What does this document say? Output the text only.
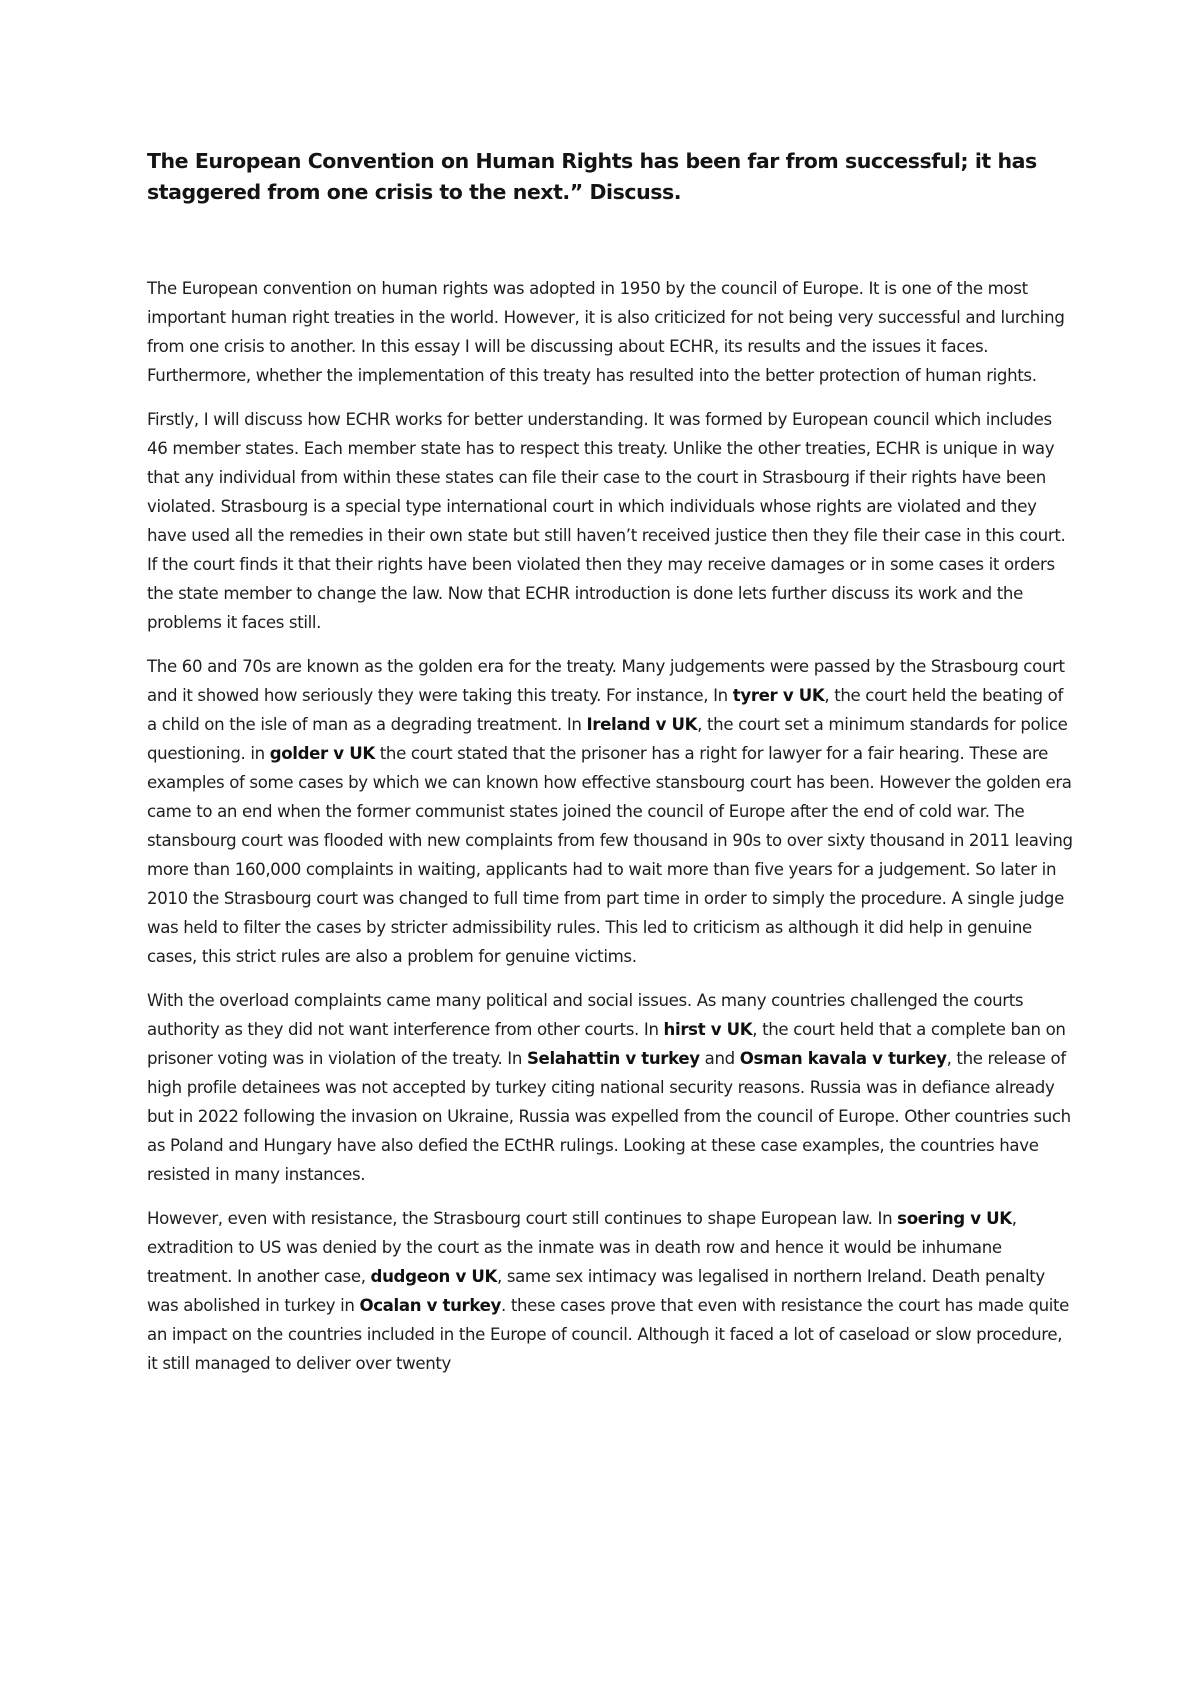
The European Convention on Human Rights has been far from successful; it has staggered from one crisis to the next.” Discuss.

The European convention on human rights was adopted in 1950 by the council of Europe. It is one of the most important human right treaties in the world. However, it is also criticized for not being very successful and lurching from one crisis to another. In this essay I will be discussing about ECHR, its results and the issues it faces. Furthermore, whether the implementation of this treaty has resulted into the better protection of human rights.

Firstly, I will discuss how ECHR works for better understanding. It was formed by European council which includes 46 member states. Each member state has to respect this treaty. Unlike the other treaties, ECHR is unique in way that any individual from within these states can file their case to the court in Strasbourg if their rights have been violated. Strasbourg is a special type international court in which individuals whose rights are violated and they have used all the remedies in their own state but still haven’t received justice then they file their case in this court. If the court finds it that their rights have been violated then they may receive damages or in some cases it orders the state member to change the law. Now that ECHR introduction is done lets further discuss its work and the problems it faces still.

The 60 and 70s are known as the golden era for the treaty. Many judgements were passed by the Strasbourg court and it showed how seriously they were taking this treaty. For instance, In tyrer v UK, the court held the beating of a child on the isle of man as a degrading treatment. In Ireland v UK, the court set a minimum standards for police questioning. in golder v UK the court stated that the prisoner has a right for lawyer for a fair hearing. These are examples of some cases by which we can known how effective stansbourg court has been. However the golden era came to an end when the former communist states joined the council of Europe after the end of cold war. The stansbourg court was flooded with new complaints from few thousand in 90s to over sixty thousand in 2011 leaving more than 160,000 complaints in waiting, applicants had to wait more than five years for a judgement. So later in 2010 the Strasbourg court was changed to full time from part time in order to simply the procedure. A single judge was held to filter the cases by stricter admissibility rules. This led to criticism as although it did help in genuine cases, this strict rules are also a problem for genuine victims.

With the overload complaints came many political and social issues. As many countries challenged the courts authority as they did not want interference from other courts. In hirst v UK, the court held that a complete ban on prisoner voting was in violation of the treaty. In Selahattin v turkey and Osman kavala v turkey, the release of high profile detainees was not accepted by turkey citing national security reasons. Russia was in defiance already but in 2022 following the invasion on Ukraine, Russia was expelled from the council of Europe. Other countries such as Poland and Hungary have also defied the ECtHR rulings. Looking at these case examples, the countries have resisted in many instances.

However, even with resistance, the Strasbourg court still continues to shape European law. In soering v UK, extradition to US was denied by the court as the inmate was in death row and hence it would be inhumane treatment. In another case, dudgeon v UK, same sex intimacy was legalised in northern Ireland. Death penalty was abolished in turkey in Ocalan v turkey. these cases prove that even with resistance the court has made quite an impact on the countries included in the Europe of council. Although it faced a lot of caseload or slow procedure, it still managed to deliver over twenty
